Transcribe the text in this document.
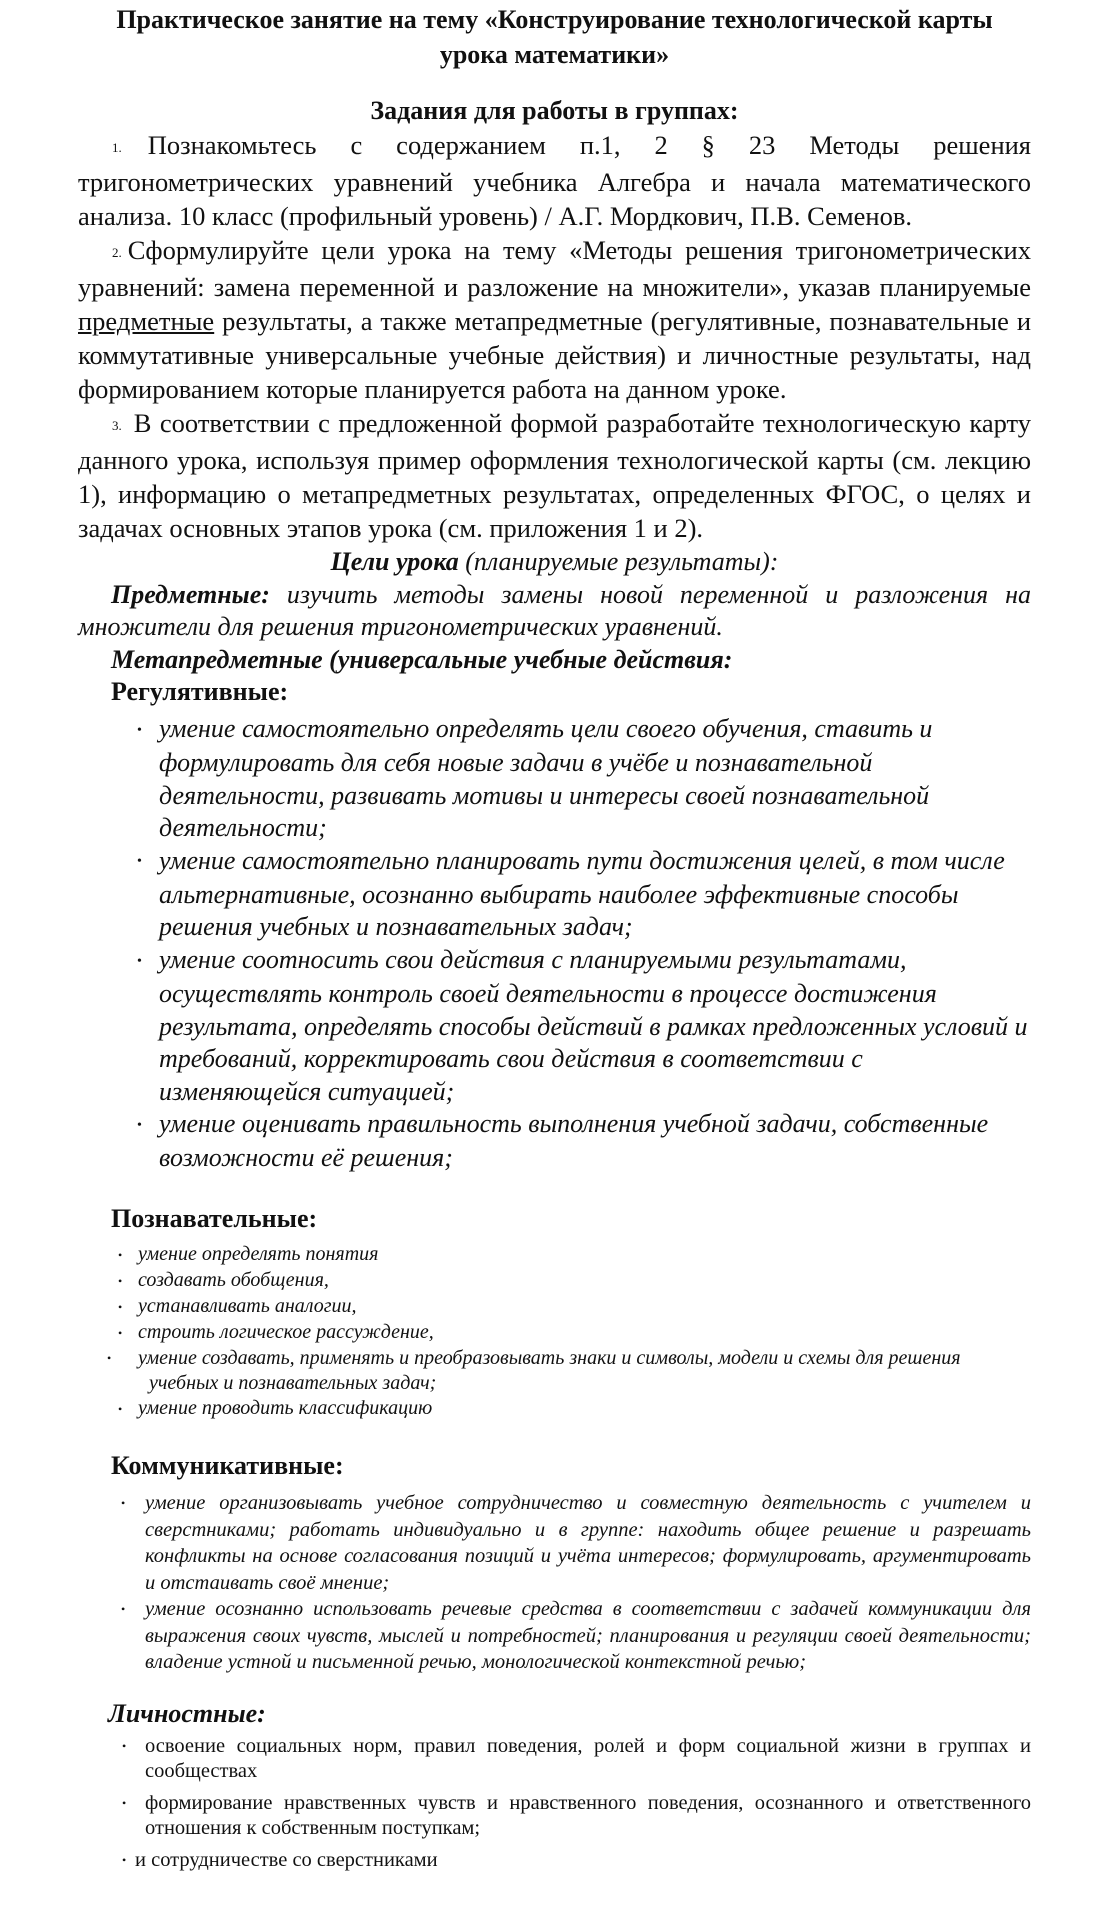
Практическое занятие на тему «Конструирование технологической карты
урока математики»

Задания для работы в группах:

1. Познакомьтесь с содержанием п.1, 2 § 23 Методы решения тригонометрических уравнений учебника Алгебра и начала математического анализа. 10 класс (профильный уровень) / А.Г. Мордкович, П.В. Семенов.

2. Сформулируйте цели урока на тему «Методы решения тригонометрических уравнений: замена переменной и разложение на множители», указав планируемые предметные результаты, а также метапредметные (регулятивные, познавательные и коммутативные универсальные учебные действия) и личностные результаты, над формированием которые планируется работа на данном уроке.

3. В соответствии с предложенной формой разработайте технологическую карту данного урока, используя пример оформления технологической карты (см. лекцию 1), информацию о метапредметных результатах, определенных ФГОС, о целях и задачах основных этапов урока (см. приложения 1 и 2).

Цели урока (планируемые результаты):

Предметные: изучить методы замены новой переменной и разложения на множители для решения тригонометрических уравнений.

Метапредметные (универсальные учебные действия:

Регулятивные:

• умение самостоятельно определять цели своего обучения, ставить и формулировать для себя новые задачи в учёбе и познавательной деятельности, развивать мотивы и интересы своей познавательной деятельности;
• умение самостоятельно планировать пути достижения целей, в том числе альтернативные, осознанно выбирать наиболее эффективные способы решения учебных и познавательных задач;
• умение соотносить свои действия с планируемыми результатами, осуществлять контроль своей деятельности в процессе достижения результата, определять способы действий в рамках предложенных условий и требований, корректировать свои действия в соответствии с изменяющейся ситуацией;
• умение оценивать правильность выполнения учебной задачи, собственные возможности её решения;

Познавательные:

• умение определять понятия
• создавать обобщения,
• устанавливать аналогии,
• строить логическое рассуждение,
• умение создавать, применять и преобразовывать знаки и символы, модели и схемы для решения учебных и познавательных задач;
• умение проводить классификацию

Коммуникативные:

• умение организовывать учебное сотрудничество и совместную деятельность с учителем и сверстниками; работать индивидуально и в группе: находить общее решение и разрешать конфликты на основе согласования позиций и учёта интересов; формулировать, аргументировать и отстаивать своё мнение;
• умение осознанно использовать речевые средства в соответствии с задачей коммуникации для выражения своих чувств, мыслей и потребностей; планирования и регуляции своей деятельности; владение устной и письменной речью, монологической контекстной речью;

Личностные:

• освоение социальных норм, правил поведения, ролей и форм социальной жизни в группах и сообществах
• формирование нравственных чувств и нравственного поведения, осознанного и ответственного отношения к собственным поступкам;
• и сотрудничестве со сверстниками
